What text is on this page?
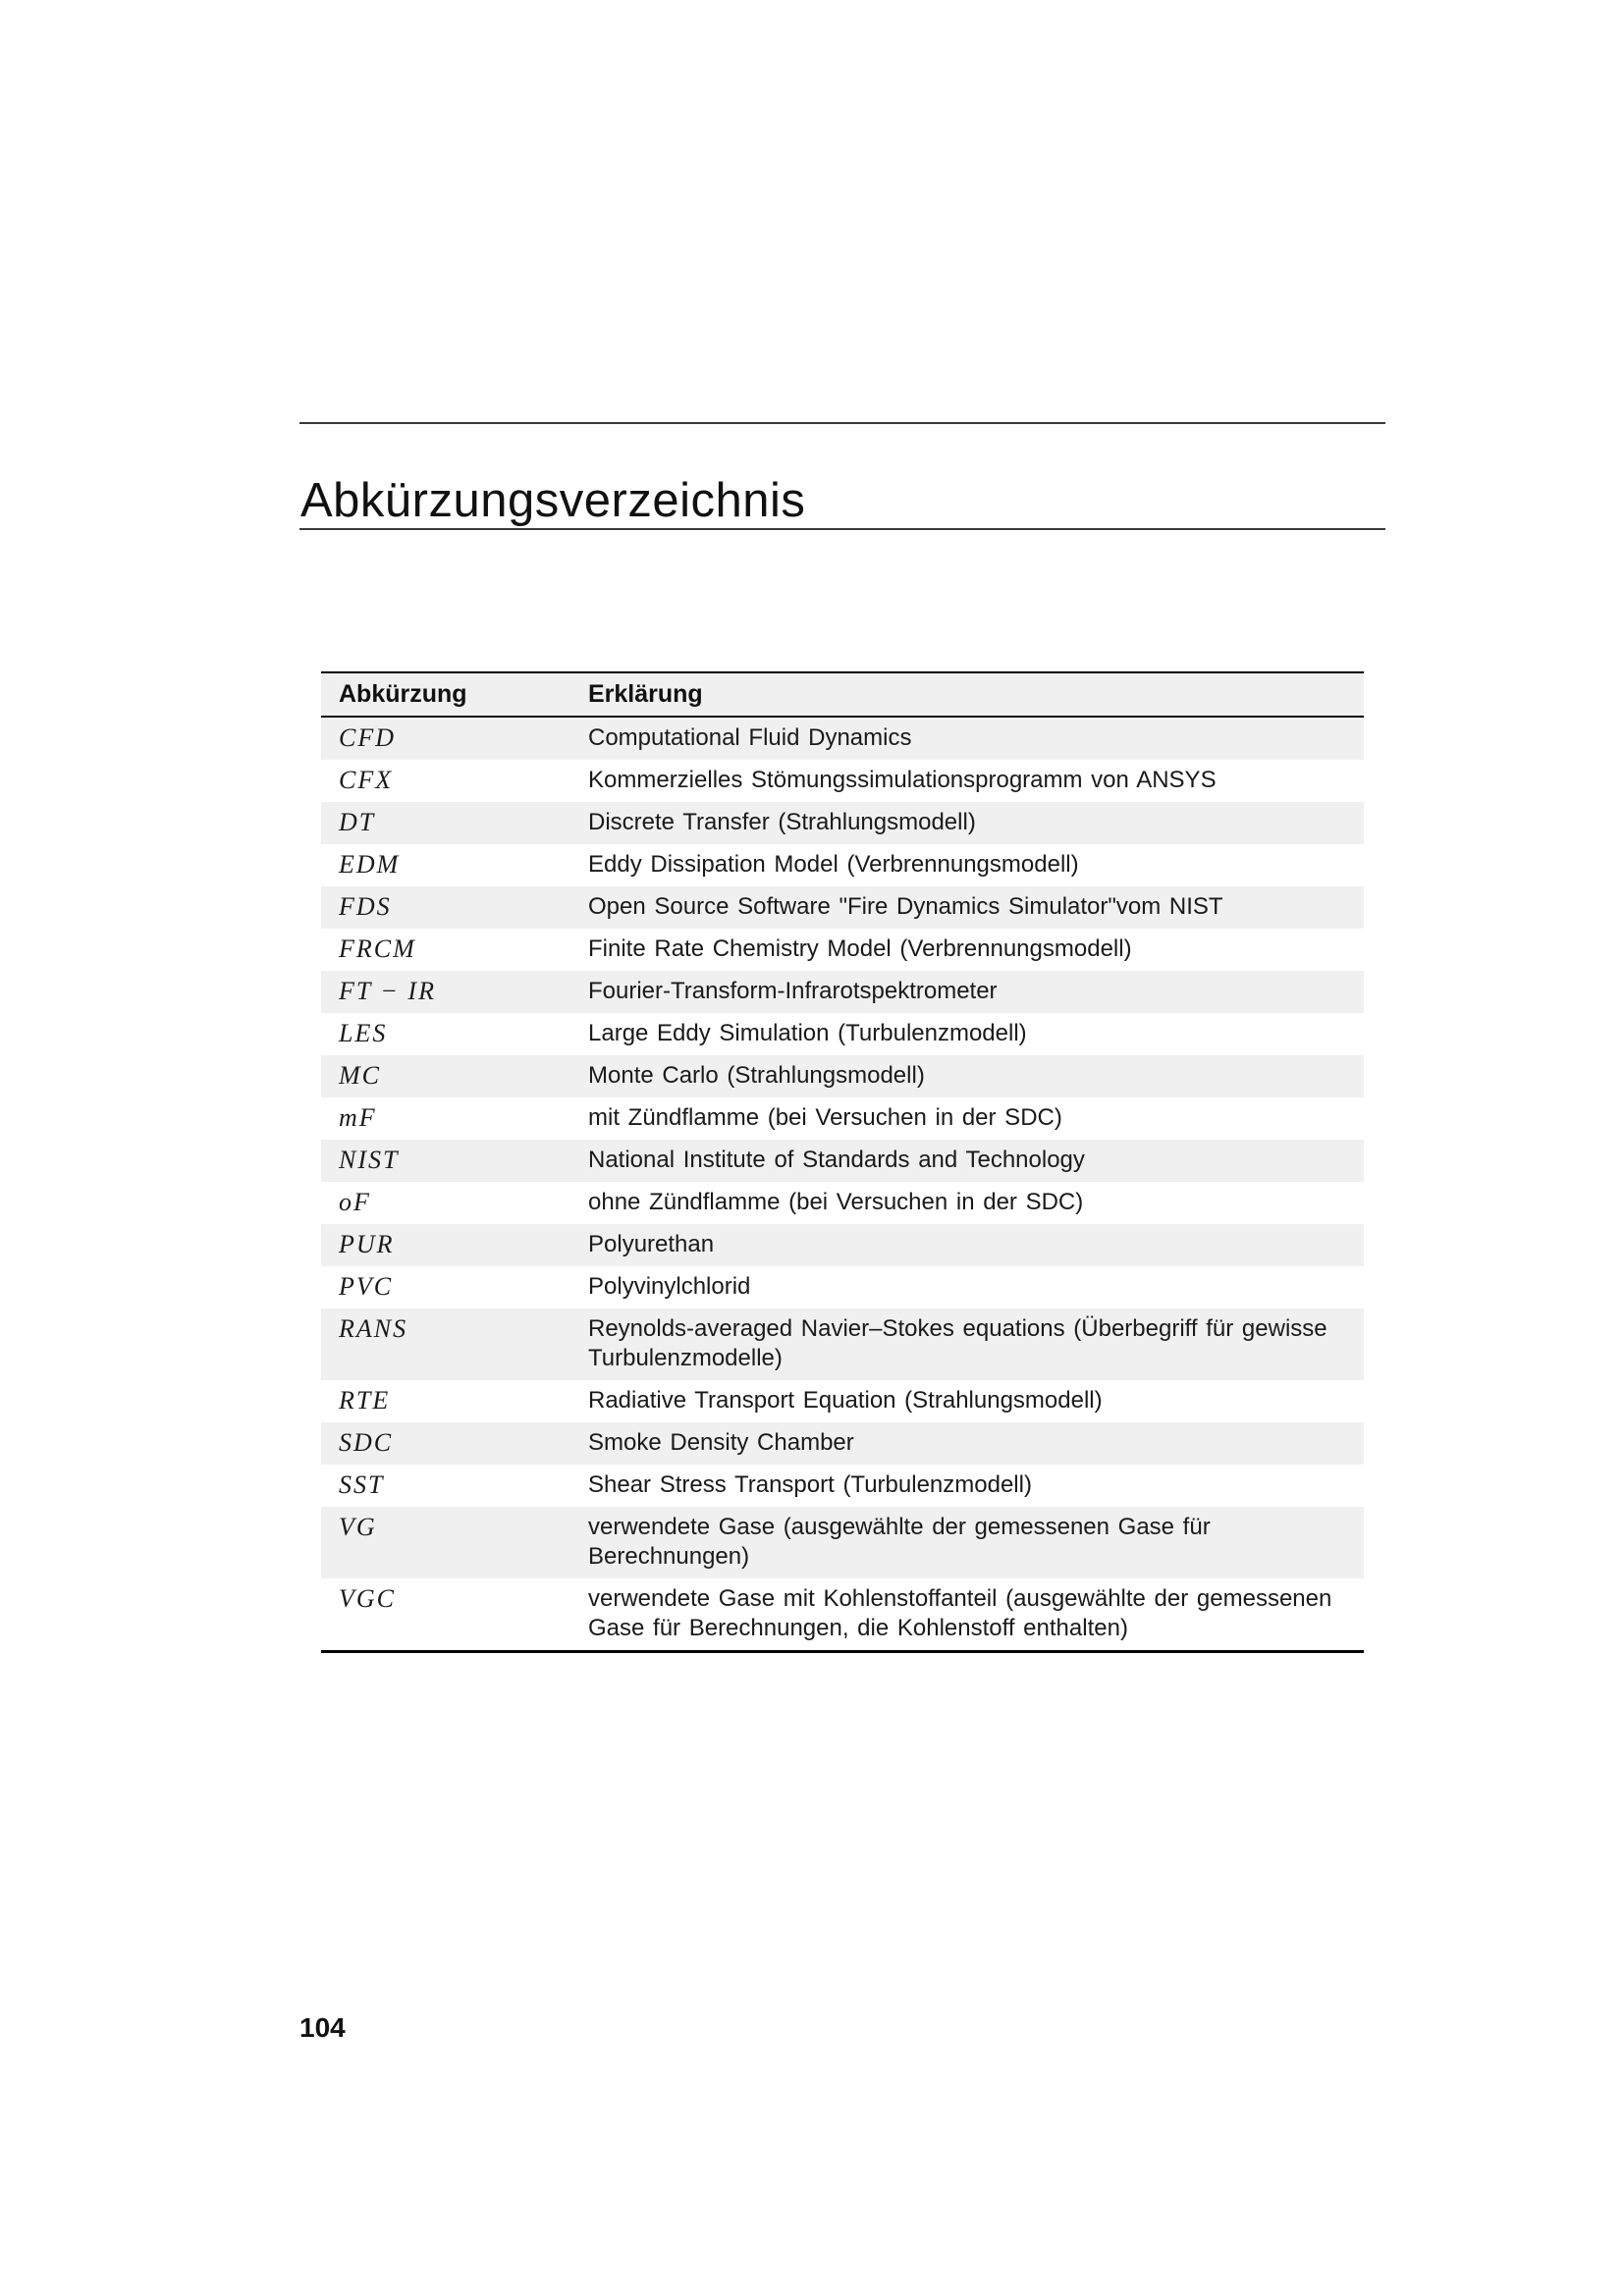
Abkürzungsverzeichnis
Abkürzung	Erklärung
CFD	Computational Fluid Dynamics
CFX	Kommerzielles Stömungssimulationsprogramm von ANSYS
DT	Discrete Transfer (Strahlungsmodell)
EDM	Eddy Dissipation Model (Verbrennungsmodell)
FDS	Open Source Software "Fire Dynamics Simulator"vom NIST
FRCM	Finite Rate Chemistry Model (Verbrennungsmodell)
FT − IR	Fourier-Transform-Infrarotspektrometer
LES	Large Eddy Simulation (Turbulenzmodell)
MC	Monte Carlo (Strahlungsmodell)
mF	mit Zündflamme (bei Versuchen in der SDC)
NIST	National Institute of Standards and Technology
oF	ohne Zündflamme (bei Versuchen in der SDC)
PUR	Polyurethan
PVC	Polyvinylchlorid
RANS	Reynolds-averaged Navier–Stokes equations (Überbegriff für gewisse Turbulenzmodelle)
RTE	Radiative Transport Equation (Strahlungsmodell)
SDC	Smoke Density Chamber
SST	Shear Stress Transport (Turbulenzmodell)
VG	verwendete Gase (ausgewählte der gemessenen Gase für Berechnungen)
VGC	verwendete Gase mit Kohlenstoffanteil (ausgewählte der gemessenen Gase für Berechnungen, die Kohlenstoff enthalten)
104
